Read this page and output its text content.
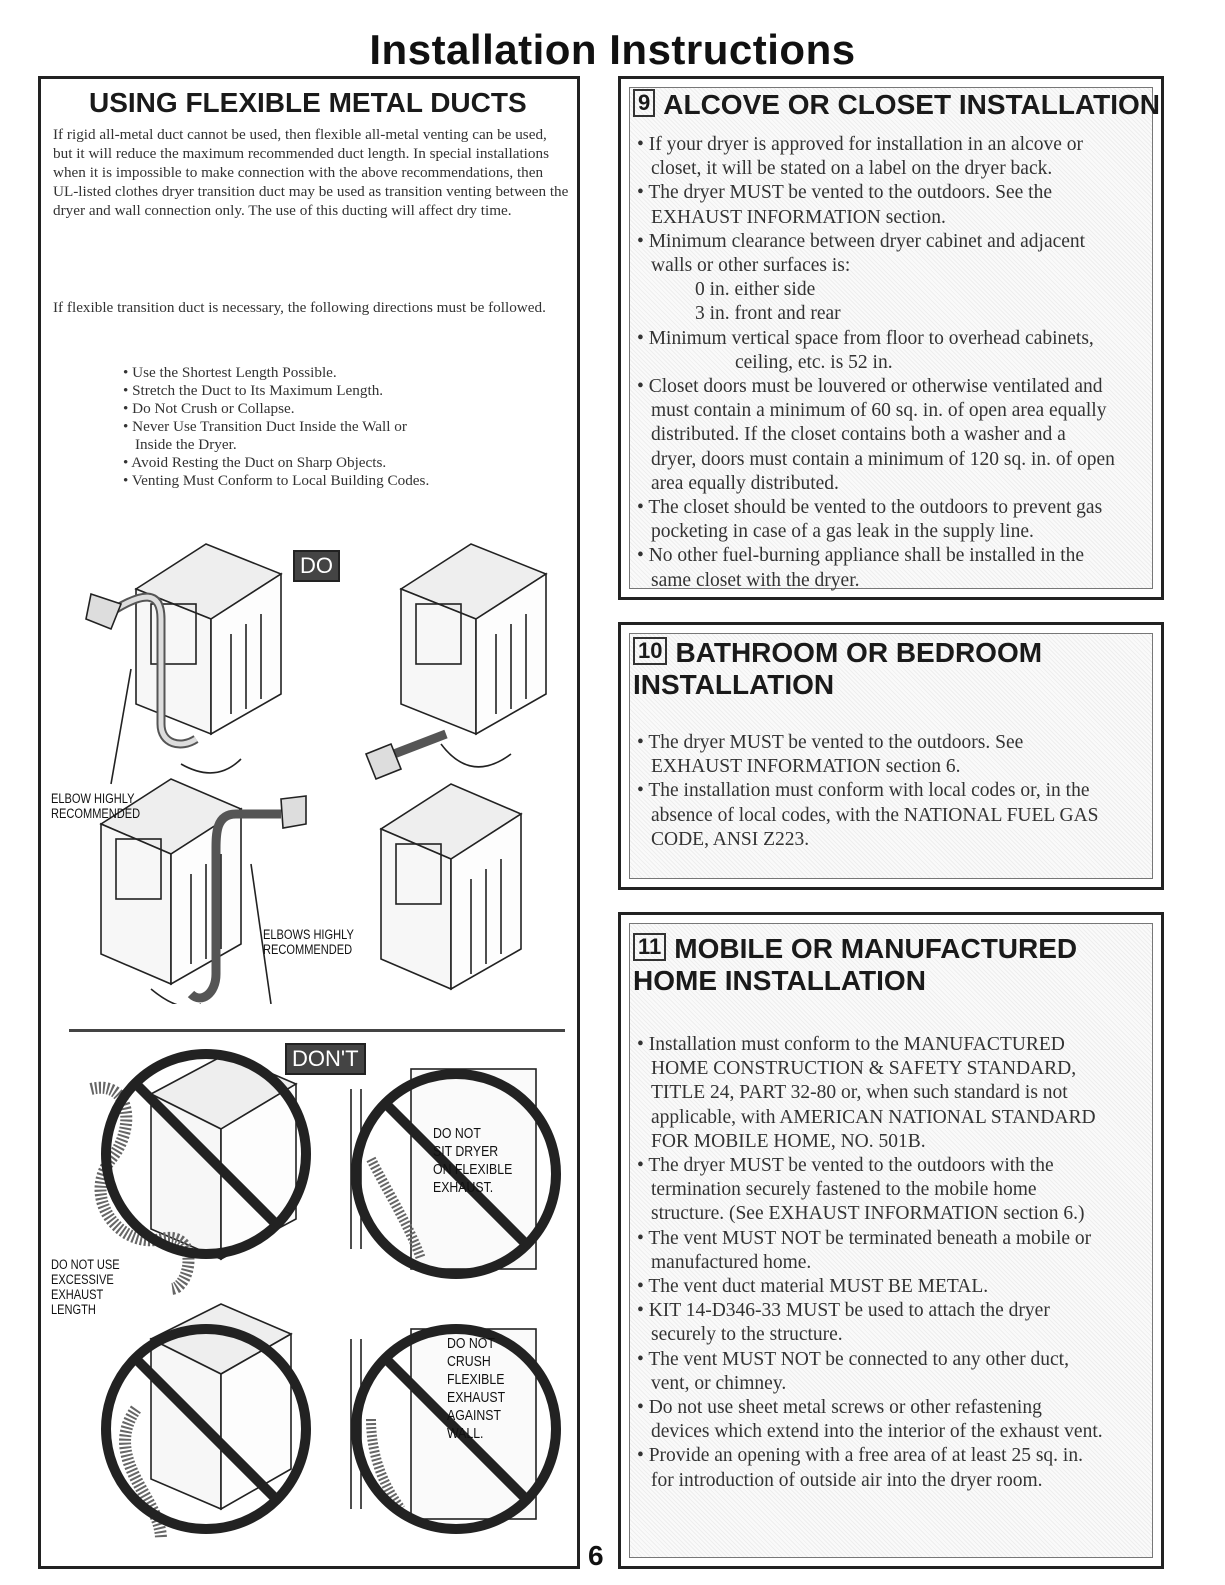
Installation Instructions
USING FLEXIBLE METAL DUCTS
If rigid all-metal duct cannot be used, then flexible all-metal venting can be used, but it will reduce the maximum recommended duct length. In special installations when it is impossible to make connection with the above recommendations, then UL-listed clothes dryer transition duct may be used as transition venting between the dryer and wall connection only. The use of this ducting will affect dry time.
If flexible transition duct is necessary, the following directions must be followed.
• Use the Shortest Length Possible.
• Stretch the Duct to Its Maximum Length.
• Do Not Crush or Collapse.
• Never Use Transition Duct Inside the Wall or
Inside the Dryer.
• Avoid Resting the Duct on Sharp Objects.
• Venting Must Conform to Local Building Codes.
DO
ELBOW HIGHLY
RECOMMENDED
ELBOWS HIGHLY
RECOMMENDED
DON'T
DO NOT USE
EXCESSIVE
EXHAUST
LENGTH
DO NOT
SIT DRYER
ON FLEXIBLE
EXHAUST.
DO NOT
CRUSH
FLEXIBLE
EXHAUST
AGAINST
WALL.
9 ALCOVE OR CLOSET INSTALLATION
• If your dryer is approved for installation in an alcove or
closet, it will be stated on a label on the dryer back.
• The dryer MUST be vented to the outdoors. See the
EXHAUST INFORMATION section.
• Minimum clearance between dryer cabinet and adjacent
walls or other surfaces is:
0 in. either side
3 in. front and rear
• Minimum vertical space from floor to overhead cabinets,
ceiling, etc. is 52 in.
• Closet doors must be louvered or otherwise ventilated and
must contain a minimum of 60 sq. in. of open area equally
distributed. If the closet contains both a washer and a
dryer, doors must contain a minimum of 120 sq. in. of open
area equally distributed.
• The closet should be vented to the outdoors to prevent gas
pocketing in case of a gas leak in the supply line.
• No other fuel-burning appliance shall be installed in the
same closet with the dryer.
10 BATHROOM OR BEDROOM
INSTALLATION
• The dryer MUST be vented to the outdoors. See
EXHAUST INFORMATION section 6.
• The installation must conform with local codes or, in the
absence of local codes, with the NATIONAL FUEL GAS
CODE, ANSI Z223.
11 MOBILE OR MANUFACTURED
HOME INSTALLATION
• Installation must conform to the MANUFACTURED
HOME CONSTRUCTION & SAFETY STANDARD,
TITLE 24, PART 32-80 or, when such standard is not
applicable, with AMERICAN NATIONAL STANDARD
FOR MOBILE HOME, NO. 501B.
• The dryer MUST be vented to the outdoors with the
termination securely fastened to the mobile home
structure. (See EXHAUST INFORMATION section 6.)
• The vent MUST NOT be terminated beneath a mobile or
manufactured home.
• The vent duct material MUST BE METAL.
• KIT 14-D346-33 MUST be used to attach the dryer
securely to the structure.
• The vent MUST NOT be connected to any other duct,
vent, or chimney.
• Do not use sheet metal screws or other refastening
devices which extend into the interior of the exhaust vent.
• Provide an opening with a free area of at least 25 sq. in.
for introduction of outside air into the dryer room.
6
